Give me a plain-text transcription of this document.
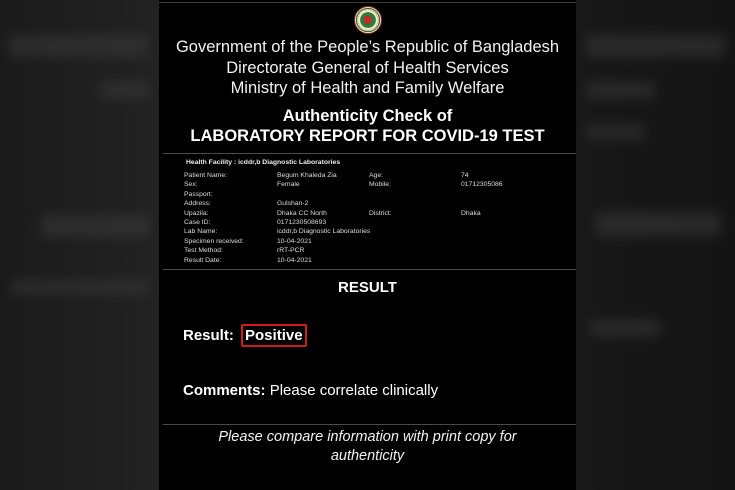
Government of the People’s Republic of Bangladesh
Directorate General of Health Services
Ministry of Health and Family Welfare
Authenticity Check of
LABORATORY REPORT FOR COVID-19 TEST
Health Facility : icddr,b Diagnostic Laboratories
Patient Name:	Begum Khaleda Zia	Age:	74
Sex:	Female	Mobile:	01712305086
Passport:
Address:	Gulshan-2
Upazila:	Dhaka CC North	District:	Dhaka
Case ID:	0171230508693
Lab Name:	icddr,b Diagnostic Laboratories
Specimen received:	10-04-2021
Test Method:	rRT-PCR
Result Date:	10-04-2021
RESULT
Result: Positive
Comments: Please correlate clinically
Please compare information with print copy for authenticity
